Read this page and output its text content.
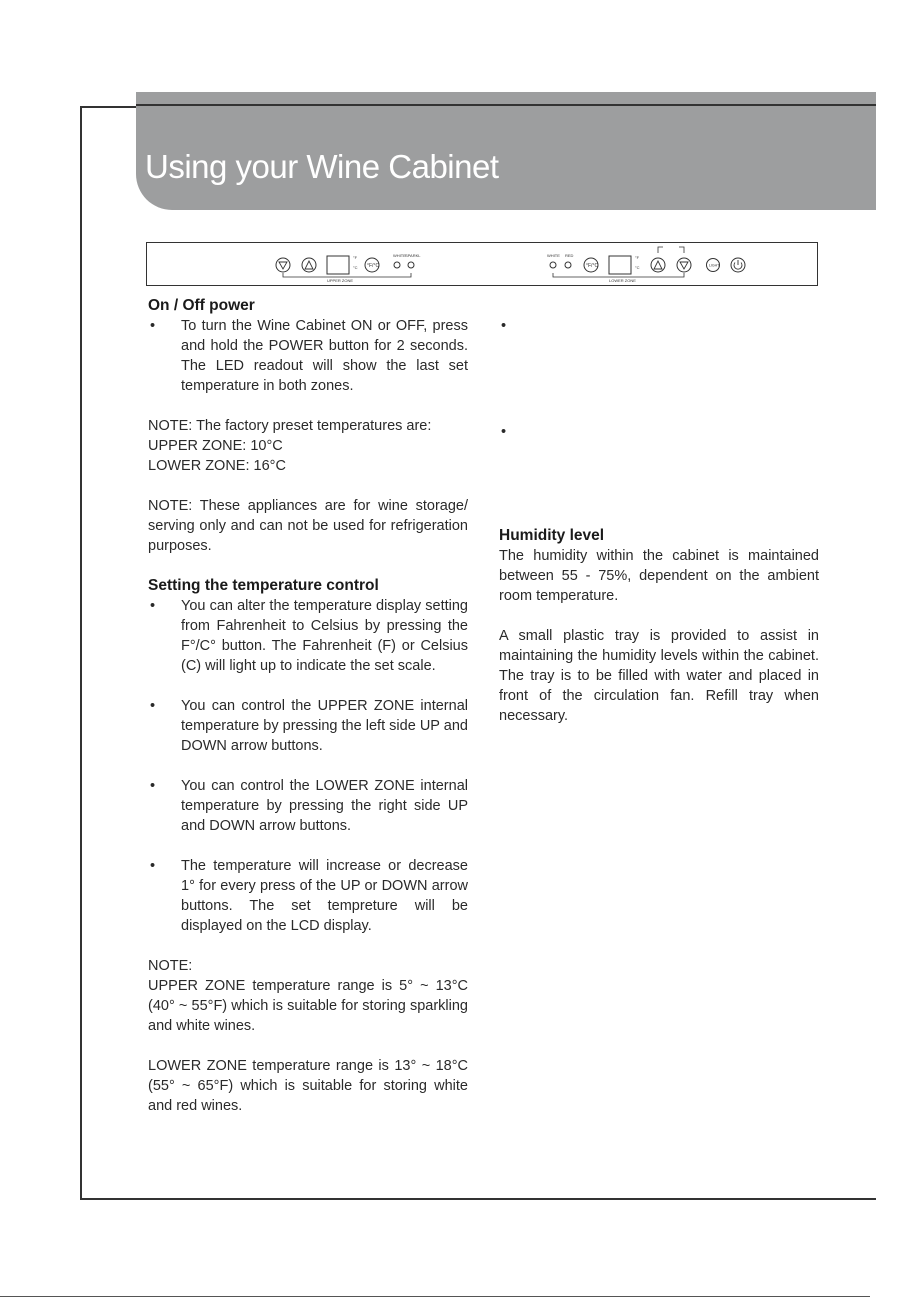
Using your Wine Cabinet
°F
°C °F/°C
WHITE SPARKL
UPPER ZONE
WHITE RED
°F/°C
°F
°C
LOWER ZONE
LIGHT
On / Off power
• To turn the Wine Cabinet ON or OFF, press and hold the POWER button for 2 seconds. The LED readout will show the last set temperature in both zones.

NOTE: The factory preset temperatures are:

UPPER ZONE: 10°C

LOWER ZONE: 16°C

NOTE: These appliances are for wine storage/ serving only and can not be used for refrigeration purposes.

Setting the temperature control
• You can alter the temperature display setting from Fahrenheit to Celsius by pressing the F°/C° button. The Fahrenheit (F) or Celsius (C) will light up to indicate the set scale.
• You can control the UPPER ZONE internal temperature by pressing the left side UP and DOWN arrow buttons.
• You can control the LOWER ZONE internal temperature by pressing the right side UP and DOWN arrow buttons.
• The temperature will increase or decrease 1° for every press of the UP or DOWN arrow buttons. The set tempreture will be displayed on the LCD display.

NOTE:

UPPER ZONE temperature range is 5° ~ 13°C (40° ~ 55°F) which is suitable for storing sparkling and white wines.

LOWER ZONE temperature range is 13° ~ 18°C (55° ~ 65°F) which is suitable for storing white and red wines.

•
•
Humidity level

The humidity within the cabinet is maintained between 55 - 75%, dependent on the ambient room temperature.

A small plastic tray is provided to assist in maintaining the humidity levels within the cabinet. The tray is to be filled with water and placed in front of the circulation fan. Refill tray when necessary.
